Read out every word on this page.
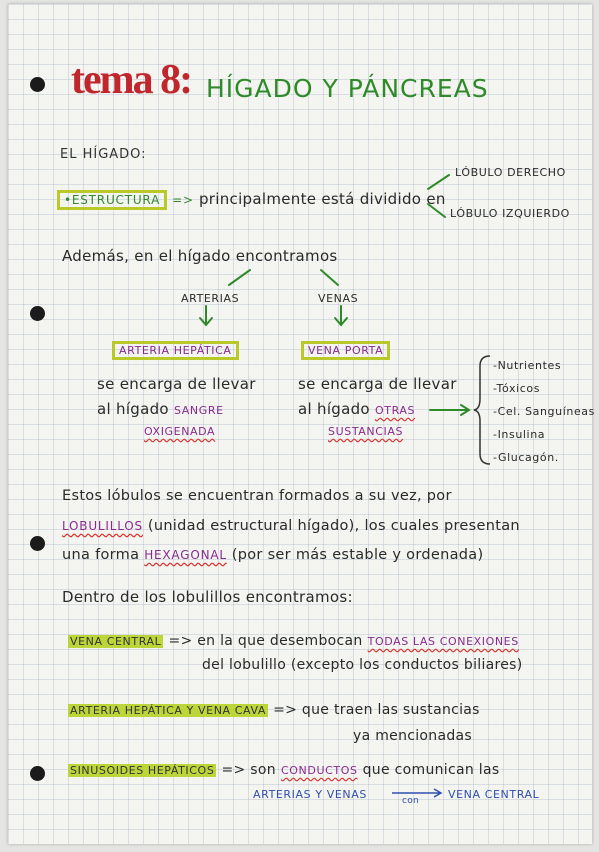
tema 8: HÍGADO Y PÁNCREAS
EL HÍGADO:
•ESTRUCTURA => principalmente está dividido en
LÓBULO DERECHO
LÓBULO IZQUIERDO
Además, en el hígado encontramos
ARTERIAS	VENAS
ARTERIA HEPÁTICA	VENA PORTA
se encarga de llevar
al hígado SANGRE
OXIGENADA
se encarga de llevar
al hígado OTRAS
SUSTANCIAS
-Nutrientes
-Tóxicos
-Cel. Sanguíneas
-Insulina
-Glucagón.
Estos lóbulos se encuentran formados a su vez, por
LOBULILLOS (unidad estructural hígado), los cuales presentan
una forma HEXAGONAL (por ser más estable y ordenada)
Dentro de los lobulillos encontramos:
VENA CENTRAL => en la que desembocan TODAS LAS CONEXIONES
del lobulillo (excepto los conductos biliares)
ARTERIA HEPÁTICA Y VENA CAVA => que traen las sustancias
ya mencionadas
SINUSOIDES HEPÁTICOS => son CONDUCTOS que comunican las
ARTERIAS Y VENAS	con	VENA CENTRAL
